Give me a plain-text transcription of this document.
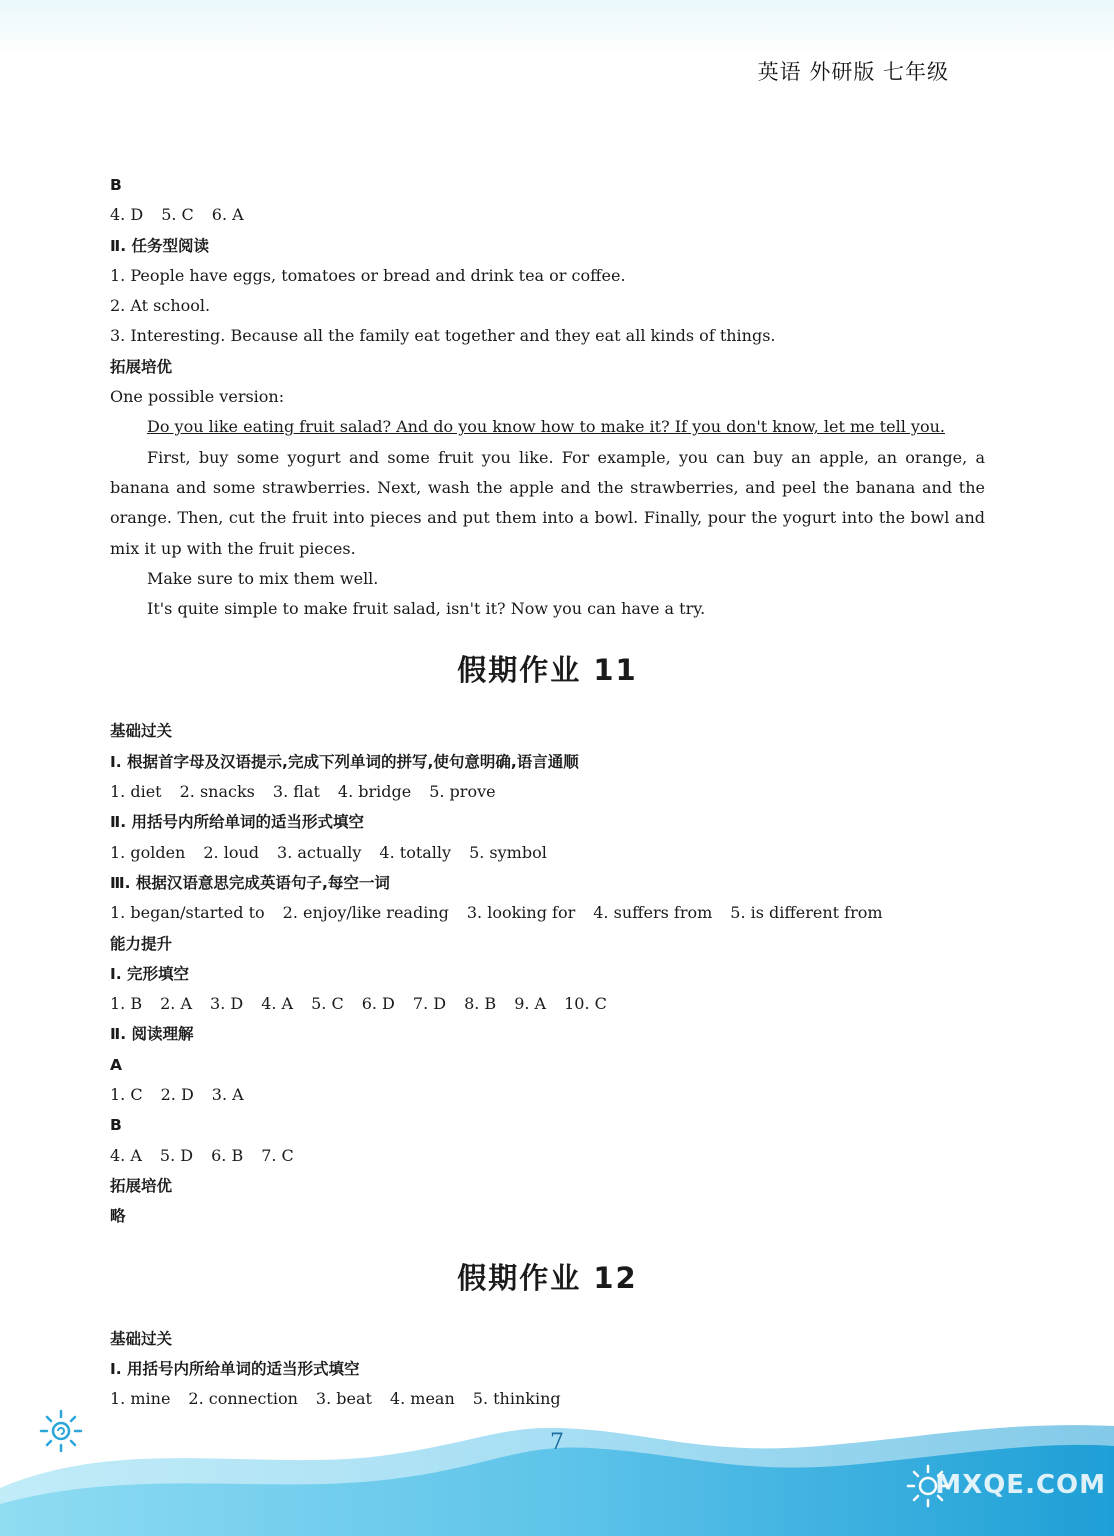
英语 外研版 七年级
B
4. D 5. C 6. A
Ⅱ. 任务型阅读
1. People have eggs, tomatoes or bread and drink tea or coffee.
2. At school.
3. Interesting. Because all the family eat together and they eat all kinds of things.
拓展培优
One possible version:
Do you like eating fruit salad? And do you know how to make it? If you don't know, let me tell you.
First, buy some yogurt and some fruit you like. For example, you can buy an apple, an orange, a banana and some strawberries. Next, wash the apple and the strawberries, and peel the banana and the orange. Then, cut the fruit into pieces and put them into a bowl. Finally, pour the yogurt into the bowl and mix it up with the fruit pieces.
Make sure to mix them well.
It's quite simple to make fruit salad, isn't it? Now you can have a try.
假期作业 11
基础过关
Ⅰ. 根据首字母及汉语提示,完成下列单词的拼写,使句意明确,语言通顺
1. diet 2. snacks 3. flat 4. bridge 5. prove
Ⅱ. 用括号内所给单词的适当形式填空
1. golden 2. loud 3. actually 4. totally 5. symbol
Ⅲ. 根据汉语意思完成英语句子,每空一词
1. began/started to 2. enjoy/like reading 3. looking for 4. suffers from 5. is different from
能力提升
Ⅰ. 完形填空
1. B 2. A 3. D 4. A 5. C 6. D 7. D 8. B 9. A 10. C
Ⅱ. 阅读理解
A
1. C 2. D 3. A
B
4. A 5. D 6. B 7. C
拓展培优
略
假期作业 12
基础过关
Ⅰ. 用括号内所给单词的适当形式填空
1. mine 2. connection 3. beat 4. mean 5. thinking
7
MXQE.COM
